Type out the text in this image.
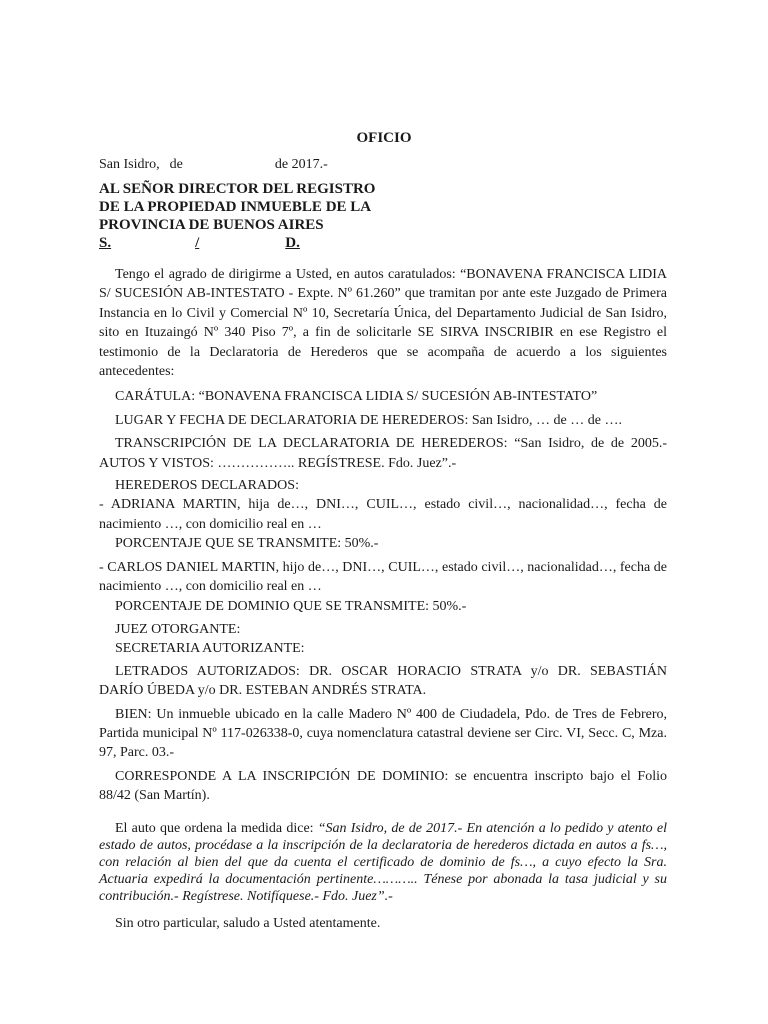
OFICIO
San Isidro, de	de 2017.-
AL SEÑOR DIRECTOR DEL REGISTRO
DE LA PROPIEDAD INMUEBLE DE LA
PROVINCIA DE BUENOS AIRES
S.	/	D.

Tengo el agrado de dirigirme a Usted, en autos caratulados: “BONAVENA FRANCISCA LIDIA S/ SUCESIÓN AB-INTESTATO - Expte. Nº 61.260” que tramitan por ante este Juzgado de Primera Instancia en lo Civil y Comercial Nº 10, Secretaría Única, del Departamento Judicial de San Isidro, sito en Ituzaingó Nº 340 Piso 7º, a fin de solicitarle SE SIRVA INSCRIBIR en ese Registro el testimonio de la Declaratoria de Herederos que se acompaña de acuerdo a los siguientes antecedentes:

CARÁTULA: “BONAVENA FRANCISCA LIDIA S/ SUCESIÓN AB-INTESTATO”

LUGAR Y FECHA DE DECLARATORIA DE HEREDEROS: San Isidro, … de … de ….

TRANSCRIPCIÓN DE LA DECLARATORIA DE HEREDEROS: “San Isidro, de de 2005.- AUTOS Y VISTOS: …………….. REGÍSTRESE. Fdo. Juez”.-

HEREDEROS DECLARADOS:

- ADRIANA MARTIN, hija de…, DNI…, CUIL…, estado civil…, nacionalidad…, fecha de nacimiento …, con domicilio real en …

PORCENTAJE QUE SE TRANSMITE: 50%.-

- CARLOS DANIEL MARTIN, hijo de…, DNI…, CUIL…, estado civil…, nacionalidad…, fecha de nacimiento …, con domicilio real en …

PORCENTAJE DE DOMINIO QUE SE TRANSMITE: 50%.-

JUEZ OTORGANTE:

SECRETARIA AUTORIZANTE:

LETRADOS AUTORIZADOS: DR. OSCAR HORACIO STRATA y/o DR. SEBASTIÁN DARÍO ÚBEDA y/o DR. ESTEBAN ANDRÉS STRATA.

BIEN: Un inmueble ubicado en la calle Madero Nº 400 de Ciudadela, Pdo. de Tres de Febrero, Partida municipal Nº 117-026338-0, cuya nomenclatura catastral deviene ser Circ. VI, Secc. C, Mza. 97, Parc. 03.-

CORRESPONDE A LA INSCRIPCIÓN DE DOMINIO: se encuentra inscripto bajo el Folio 88/42 (San Martín).

El auto que ordena la medida dice: “San Isidro, de de 2017.- En atención a lo pedido y atento el estado de autos, procédase a la inscripción de la declaratoria de herederos dictada en autos a fs…, con relación al bien del que da cuenta el certificado de dominio de fs…, a cuyo efecto la Sra. Actuaria expedirá la documentación pertinente……….. Ténese por abonada la tasa judicial y su contribución.- Regístrese. Notifíquese.- Fdo. Juez”.-

Sin otro particular, saludo a Usted atentamente.
